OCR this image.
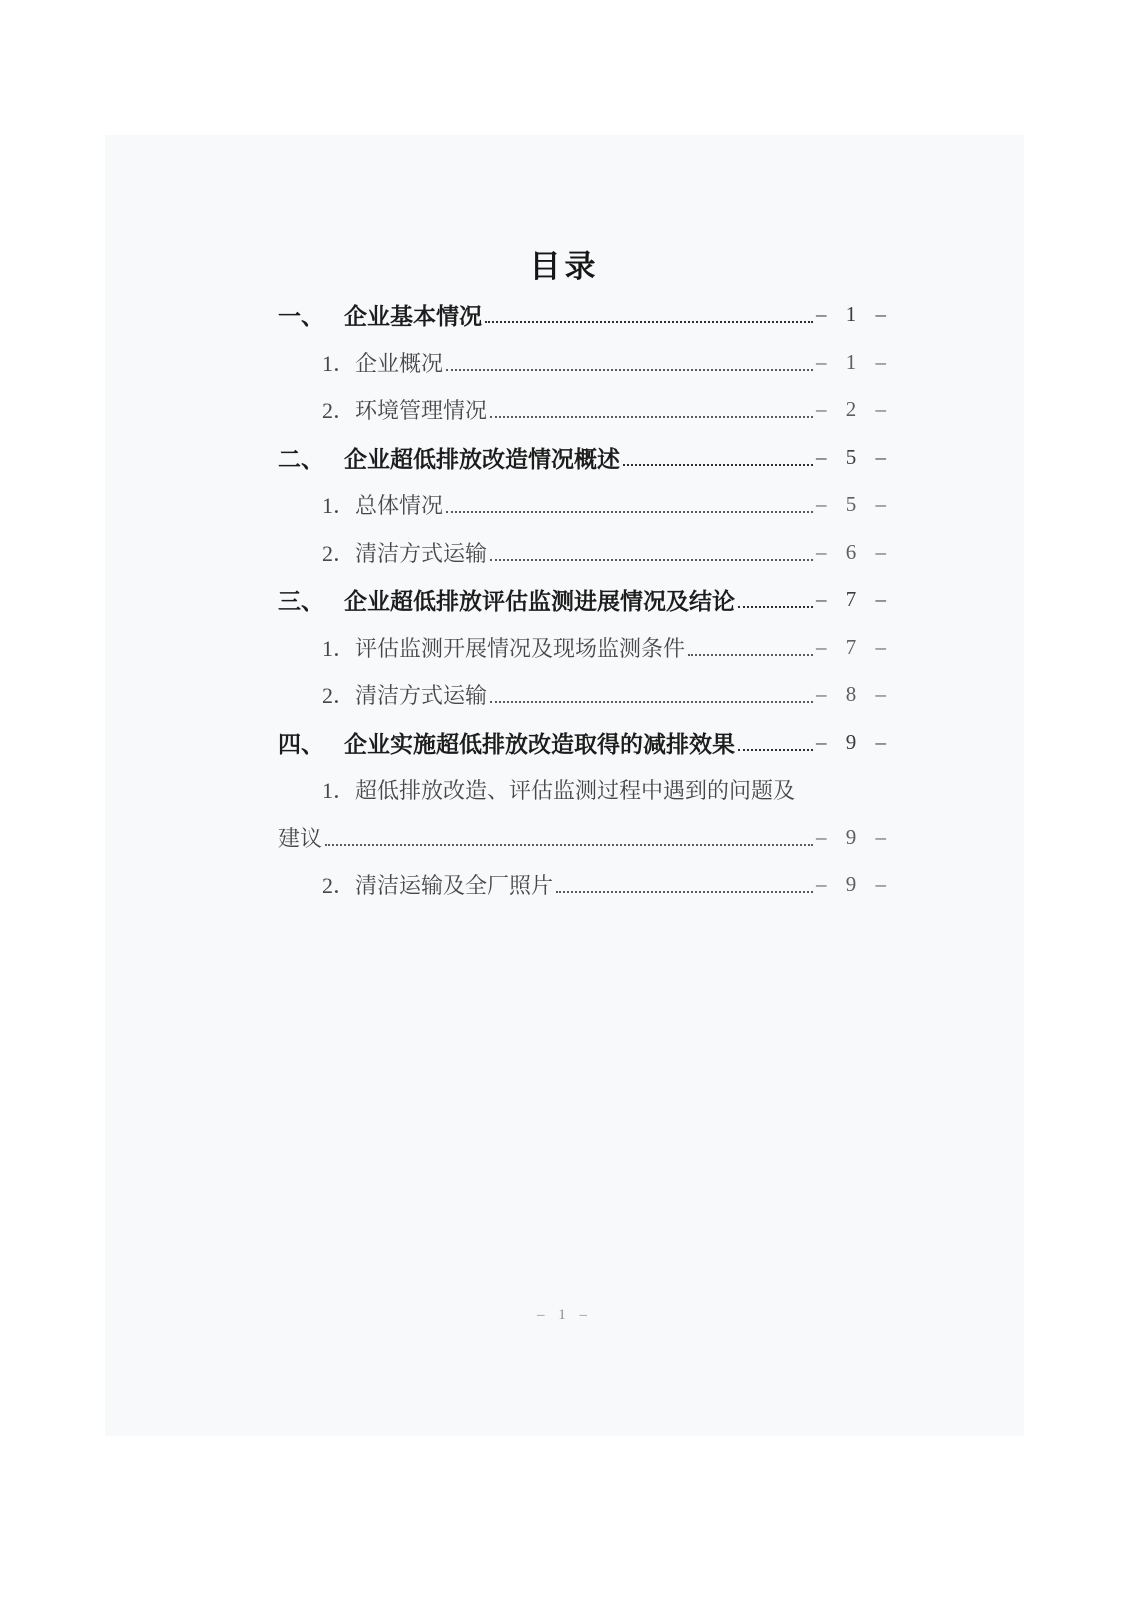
目录
一、 企业基本情况	– 1 –
1．企业概况	– 1 –
2．环境管理情况	– 2 –
二、 企业超低排放改造情况概述	– 5 –
1．总体情况	– 5 –
2．清洁方式运输	– 6 –
三、 企业超低排放评估监测进展情况及结论	– 7 –
1．评估监测开展情况及现场监测条件	– 7 –
2．清洁方式运输	– 8 –
四、 企业实施超低排放改造取得的减排效果	– 9 –
1．超低排放改造、评估监测过程中遇到的问题及
建议	– 9 –
2．清洁运输及全厂照片	– 9 –
– 1 –
